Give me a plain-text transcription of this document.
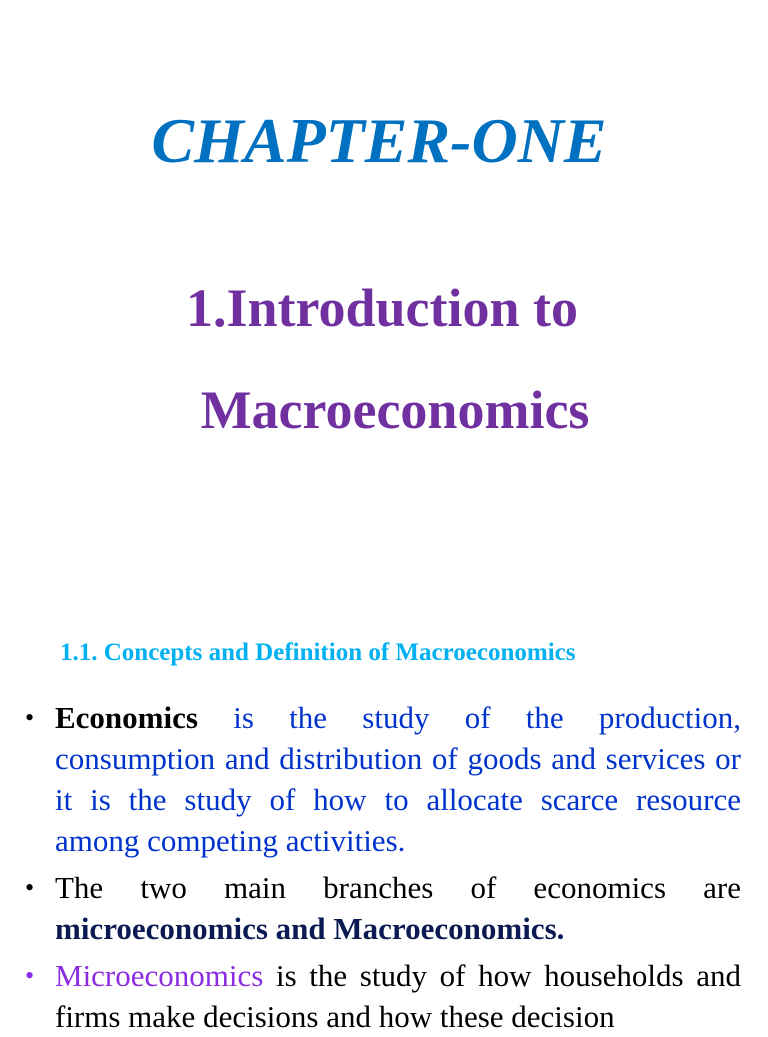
CHAPTER-ONE
1.Introduction to
Macroeconomics
1.1. Concepts and Definition of Macroeconomics
• Economics is the study of the production, consumption and distribution of goods and services or it is the study of how to allocate scarce resource among competing activities.
• The two main branches of economics are microeconomics and Macroeconomics.
• Microeconomics is the study of how households and firms make decisions and how these decision
